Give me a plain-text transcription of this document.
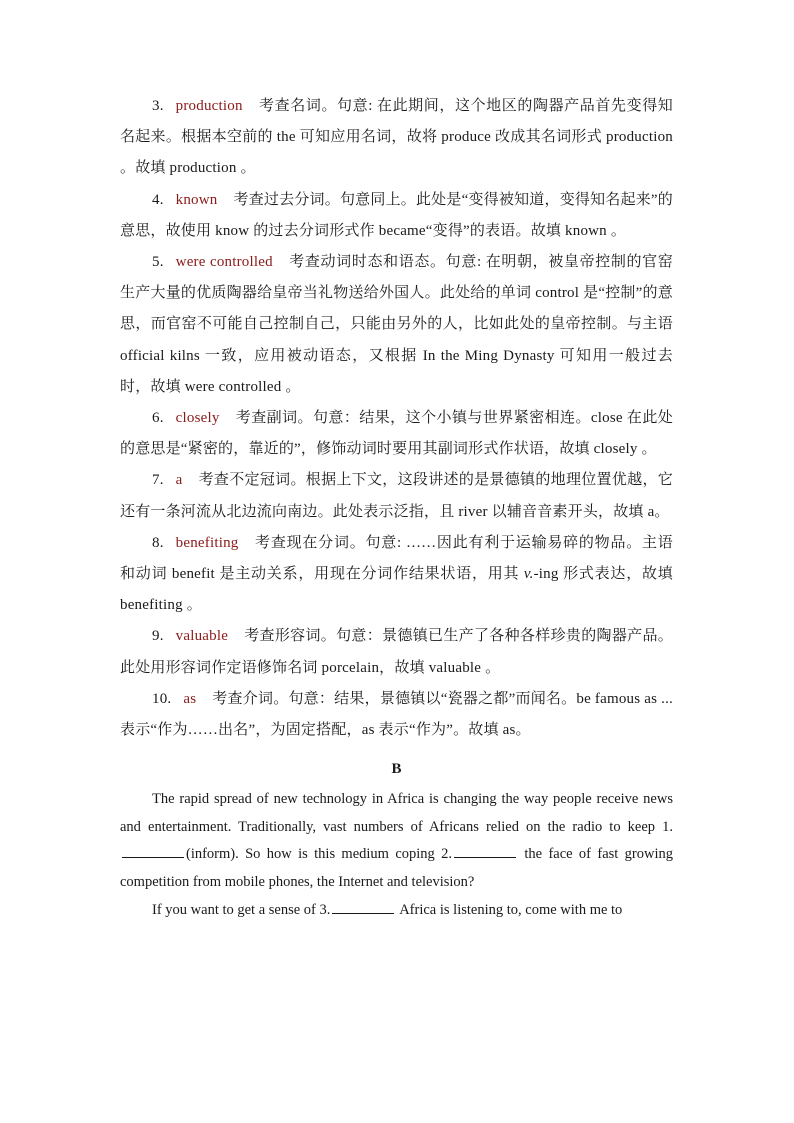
3. production 考查名词。句意: 在此期间，这个地区的陶器产品首先变得知名起来。根据本空前的 the 可知应用名词，故将 produce 改成其名词形式 production 。故填 production 。

4. known 考查过去分词。句意同上。此处是“变得被知道，变得知名起来”的意思，故使用 know 的过去分词形式作 became“变得”的表语。故填 known 。

5. were controlled 考查动词时态和语态。句意: 在明朝，被皇帝控制的官窑生产大量的优质陶器给皇帝当礼物送给外国人。此处给的单词 control 是“控制”的意思，而官窑不可能自己控制自己，只能由另外的人，比如此处的皇帝控制。与主语 official kilns 一致，应用被动语态，又根据 In the Ming Dynasty 可知用一般过去时，故填 were controlled 。

6. closely 考查副词。句意：结果，这个小镇与世界紧密相连。close 在此处的意思是“紧密的，靠近的”，修饰动词时要用其副词形式作状语，故填 closely 。

7. a 考查不定冠词。根据上下文，这段讲述的是景德镇的地理位置优越，它还有一条河流从北边流向南边。此处表示泛指，且 river 以辅音音素开头，故填 a。

8. benefiting 考查现在分词。句意: ……因此有利于运输易碎的物品。主语和动词 benefit 是主动关系，用现在分词作结果状语，用其 v.-ing 形式表达，故填 benefiting 。

9. valuable 考查形容词。句意：景德镇已生产了各种各样珍贵的陶器产品。此处用形容词作定语修饰名词 porcelain，故填 valuable 。

10. as 考查介词。句意：结果，景德镇以“瓷器之都”而闻名。be famous as ... 表示“作为……出名”，为固定搭配，as 表示“作为”。故填 as。

B

The rapid spread of new technology in Africa is changing the way people receive news and entertainment. Traditionally, vast numbers of Africans relied on the radio to keep 1.(inform). So how is this medium coping 2.	the face of fast growing competition from mobile phones, the Internet and television?

If you want to get a sense of 3.	Africa is listening to, come with me to
